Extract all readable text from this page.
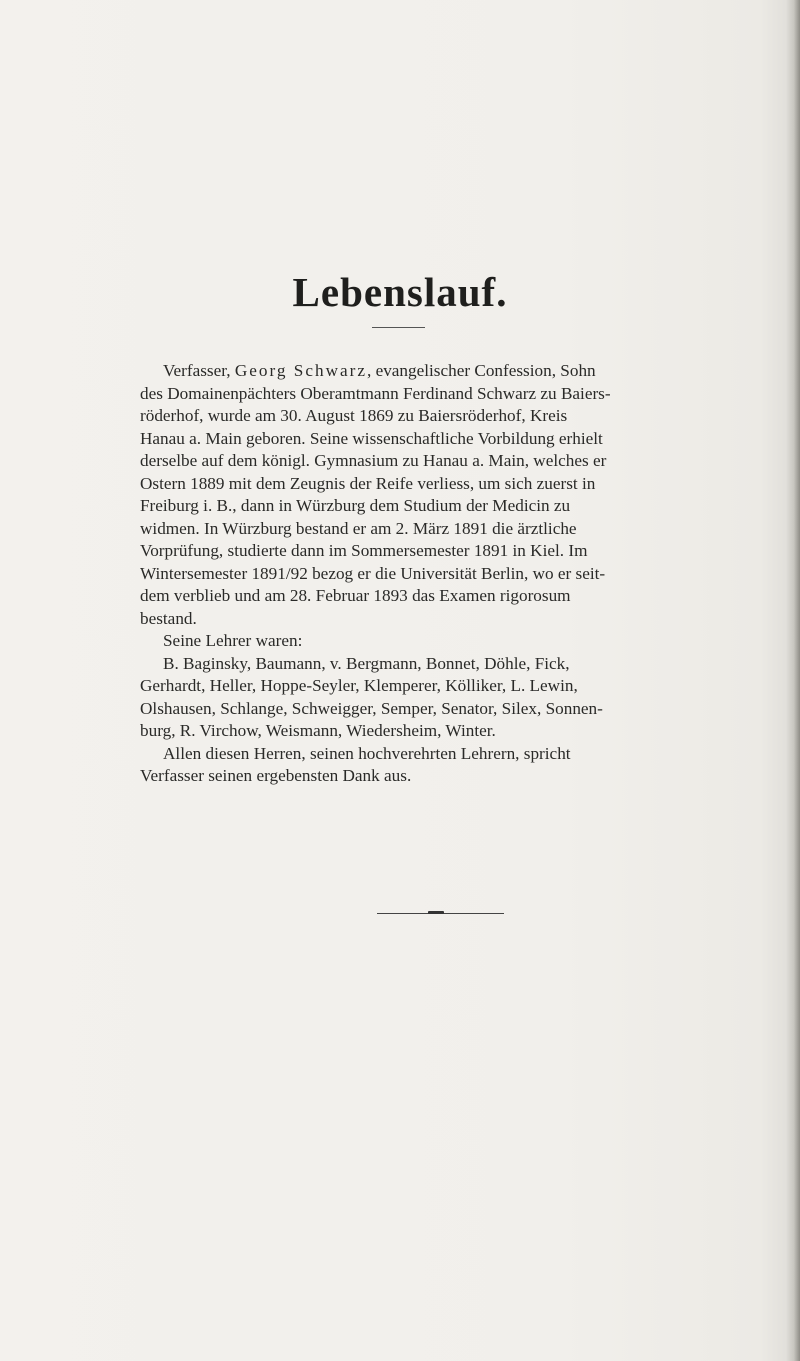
Lebenslauf.
Verfasser, Georg Schwarz, evangelischer Confession, Sohn
des Domainenpächters Oberamtmann Ferdinand Schwarz zu Baiers-
röderhof, wurde am 30. August 1869 zu Baiersröderhof, Kreis
Hanau a. Main geboren. Seine wissenschaftliche Vorbildung erhielt
derselbe auf dem königl. Gymnasium zu Hanau a. Main, welches er
Ostern 1889 mit dem Zeugnis der Reife verliess, um sich zuerst in
Freiburg i. B., dann in Würzburg dem Studium der Medicin zu
widmen. In Würzburg bestand er am 2. März 1891 die ärztliche
Vorprüfung, studierte dann im Sommersemester 1891 in Kiel. Im
Wintersemester 1891/92 bezog er die Universität Berlin, wo er seit-
dem verblieb und am 28. Februar 1893 das Examen rigorosum
bestand.
Seine Lehrer waren:
B. Baginsky, Baumann, v. Bergmann, Bonnet, Döhle, Fick,
Gerhardt, Heller, Hoppe-Seyler, Klemperer, Kölliker, L. Lewin,
Olshausen, Schlange, Schweigger, Semper, Senator, Silex, Sonnen-
burg, R. Virchow, Weismann, Wiedersheim, Winter.
Allen diesen Herren, seinen hochverehrten Lehrern, spricht
Verfasser seinen ergebensten Dank aus.
